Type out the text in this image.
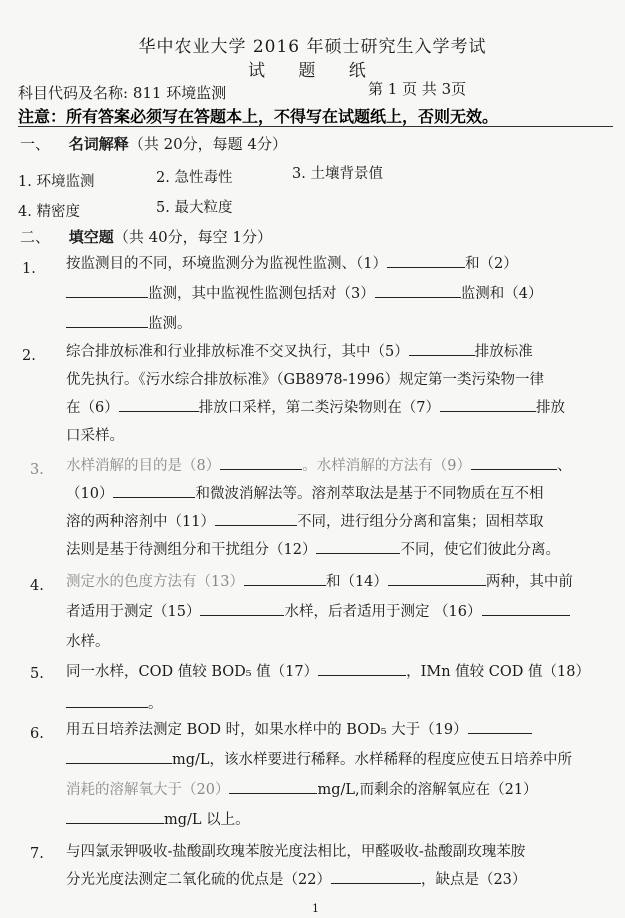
华中农业大学 2016 年硕士研究生入学考试
试 题 纸
科目代码及名称: 811 环境监测	第 1 页 共 3页
注意：所有答案必须写在答题本上，不得写在试题纸上，否则无效。
一、 名词解释（共 20分，每题 4分）
1. 环境监测	2. 急性毒性	3. 土壤背景值
4. 精密度	5. 最大粒度
二、 填空题（共 40分，每空 1分）
1. 按监测目的不同，环境监测分为监视性监测、（1）	和（2）
监测，其中监视性监测包括对（3）	监测和（4）
监测。
2. 综合排放标准和行业排放标准不交叉执行，其中（5）	排放标准
优先执行。《污水综合排放标准》（GB8978-1996）规定第一类污染物一律
在（6）	排放口采样，第二类污染物则在（7）	排放
口采样。
3. 水样消解的目的是（8）	。水样消解的方法有（9）	、
（10）	和微波消解法等。溶剂萃取法是基于不同物质在互不相
溶的两种溶剂中（11）	不同，进行组分分离和富集；固相萃取
法则是基于待测组分和干扰组分（12）	不同，使它们彼此分离。
4. 测定水的色度方法有（13）	和（14）	两种，其中前
者适用于测定（15）	水样，后者适用于测定 （16）
水样。
5. 同一水样，COD 值较 BOD₅ 值（17）	，IMn 值较 COD 值（18）
。
6. 用五日培养法测定 BOD 时，如果水样中的 BOD₅ 大于（19）
mg/L，该水样要进行稀释。水样稀释的程度应使五日培养中所
消耗的溶解氧大于（20）	mg/L,而剩余的溶解氧应在（21）
mg/L 以上。
7. 与四氯汞钾吸收-盐酸副玫瑰苯胺光度法相比，甲醛吸收-盐酸副玫瑰苯胺
分光光度法测定二氧化硫的优点是（22）	，缺点是（23）
1
